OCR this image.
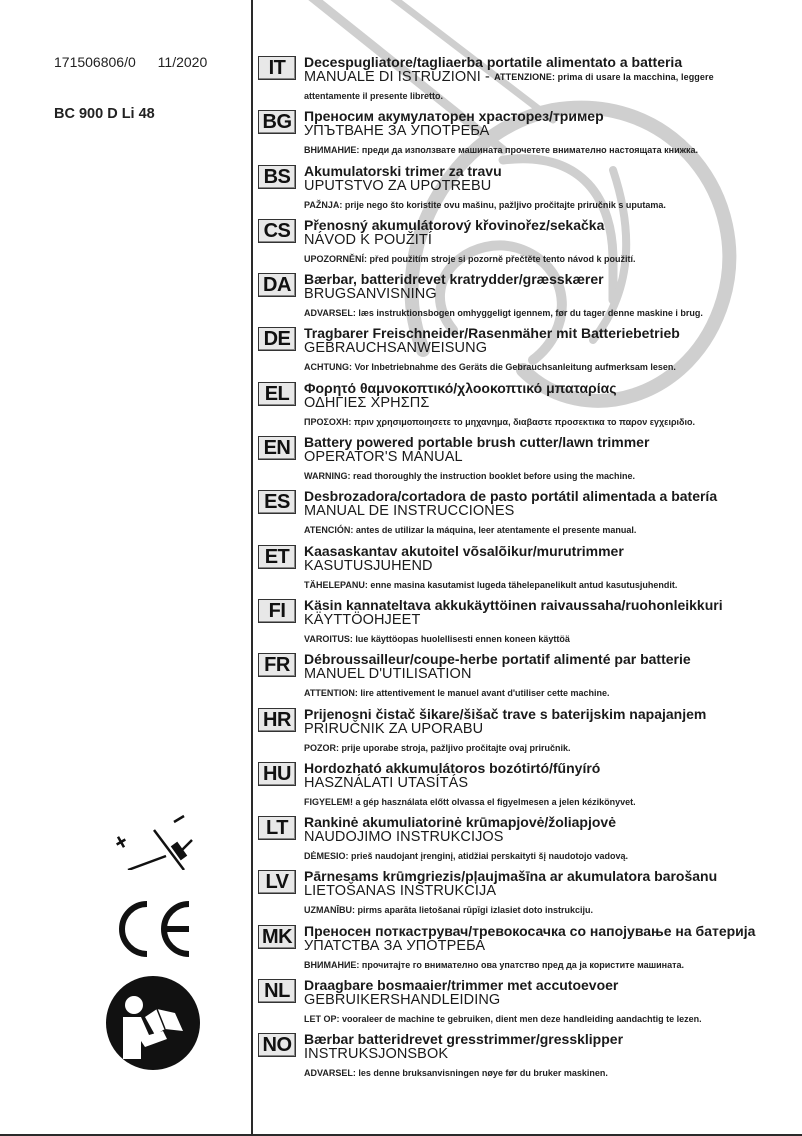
171506806/0 11/2020
BC 900 D Li 48
IT	Decespugliatore/tagliaerba portatile alimentato a batteria
MANUALE DI ISTRUZIONI - ATTENZIONE: prima di usare la macchina, leggere
attentamente il presente libretto.
BG Преносим акумулаторен храсторез/тример
УПЪТВАНЕ ЗА УПОТРЕБА
ВНИМАНИЕ: преди да използвате машината прочетете внимателно настоящата книжка.
BS Akumulatorski trimer za travu
UPUTSTVO ZA UPOTREBU
PAŽNJA: prije nego što koristite ovu mašinu, pažljivo pročitajte priručnik s uputama.
CS Přenosný akumulátorový křovinořez/sekačka
NÁVOD K POUŽITÍ
UPOZORNĚNÍ: před použitím stroje si pozorně přečtěte tento návod k použití.
DA Bærbar, batteridrevet kratrydder/græsskærer
BRUGSANVISNING
ADVARSEL: læs instruktionsbogen omhyggeligt igennem, før du tager denne maskine i brug.
DE Tragbarer Freischneider/Rasenmäher mit Batteriebetrieb
GEBRAUCHSANWEISUNG
ACHTUNG: Vor Inbetriebnahme des Geräts die Gebrauchsanleitung aufmerksam lesen.
EL	Φορητό θαμνοκοπτικό/χλοοκοπτικό μπαταρίας
ΟΔΗΓΙΕΣ ΧΡΗΣΠΣ
ΠΡΟΣΟΧΗ: πριν χρησιμοποιησετε το μηχανημα, διαβαστε προσεκτικα το παρον εγχειριδιο.
EN Battery powered portable brush cutter/lawn trimmer
OPERATOR'S MANUAL
WARNING: read thoroughly the instruction booklet before using the machine.
ES	Desbrozadora/cortadora de pasto portátil alimentada a batería
MANUAL DE INSTRUCCIONES
ATENCIÓN: antes de utilizar la máquina, leer atentamente el presente manual.
ET	Kaasaskantav akutoitel võsalõikur/murutrimmer
KASUTUSJUHEND
TÄHELEPANU: enne masina kasutamist lugeda tähelepanelikult antud kasutusjuhendit.
FI	Käsin kannateltava akkukäyttöinen raivaussaha/ruohonleikkuri
KÄYTTÖOHJEET
VAROITUS: lue käyttöopas huolellisesti ennen koneen käyttöä
FR	Débroussailleur/coupe-herbe portatif alimenté par batterie
MANUEL D'UTILISATION
ATTENTION: lire attentivement le manuel avant d'utiliser cette machine.
HR Prijenosni čistač šikare/šišač trave s baterijskim napajanjem
PRIRUČNIK ZA UPORABU
POZOR: prije uporabe stroja, pažljivo pročitajte ovaj priručnik.
HU Hordozható akkumulátoros bozótirtó/fűnyíró
HASZNÁLATI UTASÍTÁS
FIGYELEM! a gép használata előtt olvassa el figyelmesen a jelen kézikönyvet.
LT	Rankinė akumuliatorinė krūmapjovė/žoliapjovė
NAUDOJIMO INSTRUKCIJOS
DĖMESIO: prieš naudojant įrenginį, atidžiai perskaityti šį naudotojo vadovą.
LV	Pārnesams krūmgriezis/pļaujmašīna ar akumulatora barošanu
LIETOŠANAS INSTRUKCIJA
UZMANĪBU: pirms aparāta lietošanai rūpīgi izlasiet doto instrukciju.
MK Преносен поткаструвач/тревокосачка со напојување на батерија
УПАТСТВА ЗА УПОТРЕБА
ВНИМАНИЕ: прочитајте го внимателно ова упатство пред да ја користите машината.
NL	Draagbare bosmaaier/trimmer met accutoevoer
GEBRUIKERSHANDLEIDING
LET OP: vooraleer de machine te gebruiken, dient men deze handleiding aandachtig te lezen.
NO Bærbar batteridrevet gresstrimmer/gressklipper
INSTRUKSJONSBOK
ADVARSEL: les denne bruksanvisningen nøye før du bruker maskinen.
